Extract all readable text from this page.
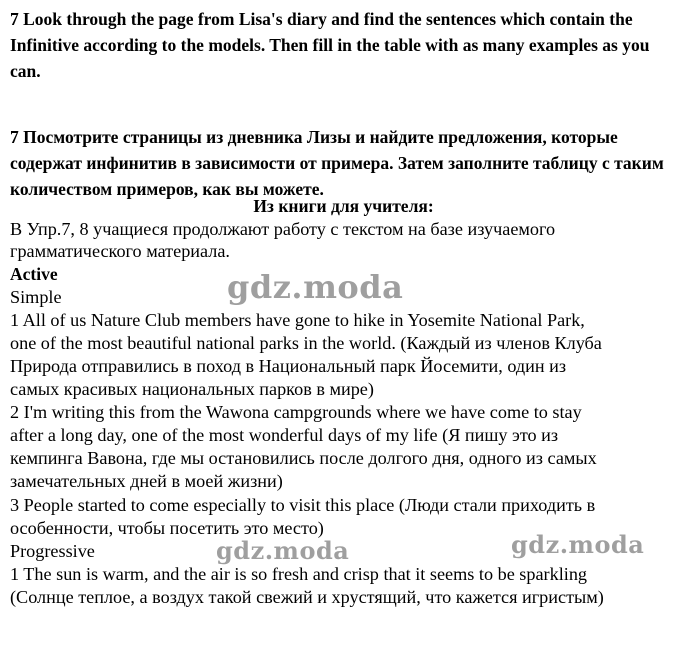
7 Look through the page from Lisa's diary and find the sentences which contain the Infinitive according to the models. Then fill in the table with as many examples as you can.
7 Посмотрите страницы из дневника Лизы и найдите предложения, которые содержат инфинитив в зависимости от примера. Затем заполните таблицу с таким количеством примеров, как вы можете.
Из книги для учителя:
В Упр.7, 8 учащиеся продолжают работу с текстом на базе изучаемого
грамматического материала.
Active
Simple
1 All of us Nature Club members have gone to hike in Yosemite National Park,
one of the most beautiful national parks in the world. (Каждый из членов Клуба
Природа отправились в поход в Национальный парк Йосемити, один из
самых красивых национальных парков в мире)
2 I'm writing this from the Wawona campgrounds where we have come to stay
after a long day, one of the most wonderful days of my life (Я пишу это из
кемпинга Вавона, где мы остановились после долгого дня, одного из самых
замечательных дней в моей жизни)
3 People started to come especially to visit this place (Люди стали приходить в
особенности, чтобы посетить это место)
Progressive
1 The sun is warm, and the air is so fresh and crisp that it seems to be sparkling
(Солнце теплое, а воздух такой свежий и хрустящий, что кажется игристым)
gdz.moda
gdz.moda	gdz.moda
